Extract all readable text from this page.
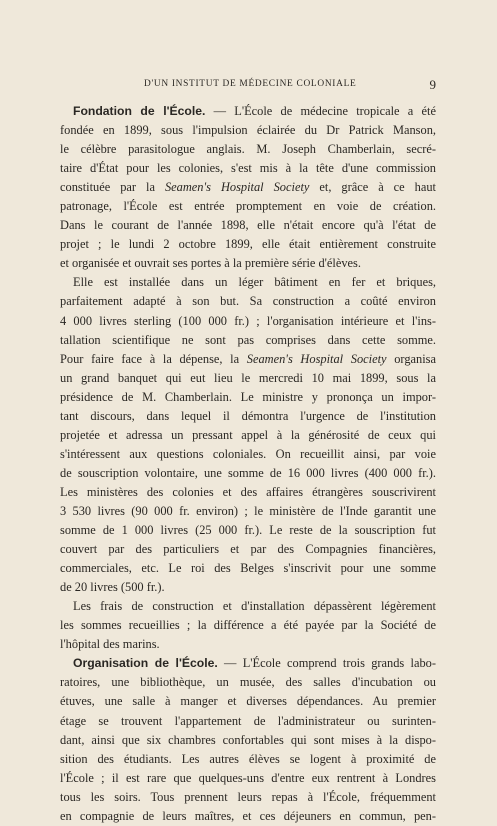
D'UN INSTITUT DE MÉDECINE COLONIALE	9
Fondation de l'École. — L'École de médecine tropicale a été
fondée en 1899, sous l'impulsion éclairée du Dr Patrick Manson,
le célèbre parasitologue anglais. M. Joseph Chamberlain, secré-
taire d'État pour les colonies, s'est mis à la tête d'une commission
constituée par la Seamen's Hospital Society et, grâce à ce haut
patronage, l'École est entrée promptement en voie de création.
Dans le courant de l'année 1898, elle n'était encore qu'à l'état de
projet ; le lundi 2 octobre 1899, elle était entièrement construite
et organisée et ouvrait ses portes à la première série d'élèves.
Elle est installée dans un léger bâtiment en fer et briques,
parfaitement adapté à son but. Sa construction a coûté environ
4 000 livres sterling (100 000 fr.) ; l'organisation intérieure et l'ins-
tallation scientifique ne sont pas comprises dans cette somme.
Pour faire face à la dépense, la Seamen's Hospital Society organisa
un grand banquet qui eut lieu le mercredi 10 mai 1899, sous la
présidence de M. Chamberlain. Le ministre y prononça un impor-
tant discours, dans lequel il démontra l'urgence de l'institution
projetée et adressa un pressant appel à la générosité de ceux qui
s'intéressent aux questions coloniales. On recueillit ainsi, par voie
de souscription volontaire, une somme de 16 000 livres (400 000 fr.).
Les ministères des colonies et des affaires étrangères souscrivirent
3 530 livres (90 000 fr. environ) ; le ministère de l'Inde garantit une
somme de 1 000 livres (25 000 fr.). Le reste de la souscription fut
couvert par des particuliers et par des Compagnies financières,
commerciales, etc. Le roi des Belges s'inscrivit pour une somme
de 20 livres (500 fr.).
Les frais de construction et d'installation dépassèrent légèrement
les sommes recueillies ; la différence a été payée par la Société de
l'hôpital des marins.
Organisation de l'École. — L'École comprend trois grands labo-
ratoires, une bibliothèque, un musée, des salles d'incubation ou
étuves, une salle à manger et diverses dépendances. Au premier
étage se trouvent l'appartement de l'administrateur ou surinten-
dant, ainsi que six chambres confortables qui sont mises à la dispo-
sition des étudiants. Les autres élèves se logent à proximité de
l'École ; il est rare que quelques-uns d'entre eux rentrent à Londres
tous les soirs. Tous prennent leurs repas à l'École, fréquemment
en compagnie de leurs maîtres, et ces déjeuners en commun, pen-
